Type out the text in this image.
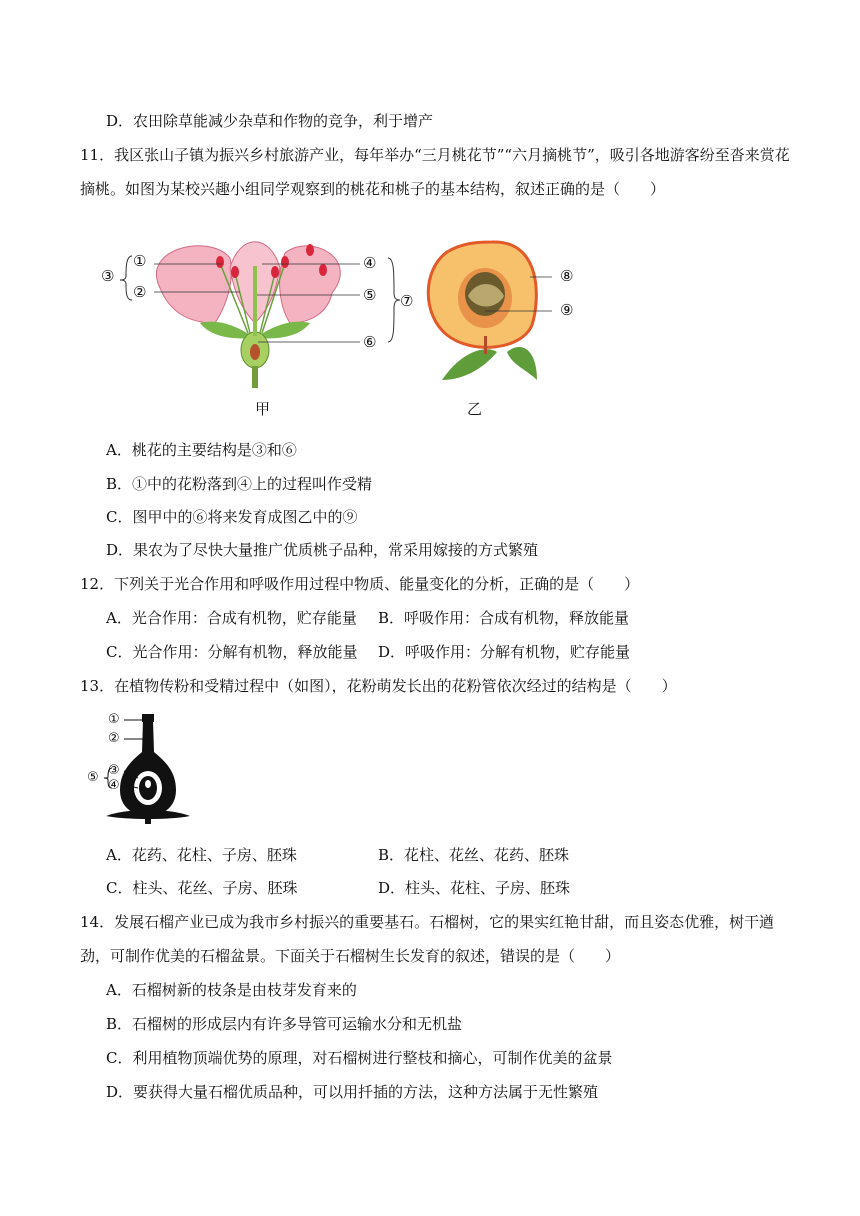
D．农田除草能减少杂草和作物的竞争，利于增产
11．我区张山子镇为振兴乡村旅游产业，每年举办“三月桃花节”“六月摘桃节”，吸引各地游客纷至沓来赏花
摘桃。如图为某校兴趣小组同学观察到的桃花和桃子的基本结构，叙述正确的是（　　）
①
②
③
④
⑤
⑥
⑦
甲
⑧
⑨
乙
A．桃花的主要结构是③和⑥
B．①中的花粉落到④上的过程叫作受精
C．图甲中的⑥将来发育成图乙中的⑨
D．果农为了尽快大量推广优质桃子品种，常采用嫁接的方式繁殖
12．下列关于光合作用和呼吸作用过程中物质、能量变化的分析，正确的是（　　）
A．光合作用：合成有机物，贮存能量 B．呼吸作用：合成有机物，释放能量
C．光合作用：分解有机物，释放能量 D．呼吸作用：分解有机物，贮存能量
13．在植物传粉和受精过程中（如图），花粉萌发长出的花粉管依次经过的结构是（　　）
①
②
③
④
⑤
A．花药、花柱、子房、胚珠	B．花柱、花丝、花药、胚珠
C．柱头、花丝、子房、胚珠	D．柱头、花柱、子房、胚珠
14．发展石榴产业已成为我市乡村振兴的重要基石。石榴树，它的果实红艳甘甜，而且姿态优雅，树干遒
劲，可制作优美的石榴盆景。下面关于石榴树生长发育的叙述，错误的是（　　）
A．石榴树新的枝条是由枝芽发育来的
B．石榴树的形成层内有许多导管可运输水分和无机盐
C．利用植物顶端优势的原理，对石榴树进行整枝和摘心，可制作优美的盆景
D．要获得大量石榴优质品种，可以用扦插的方法，这种方法属于无性繁殖
